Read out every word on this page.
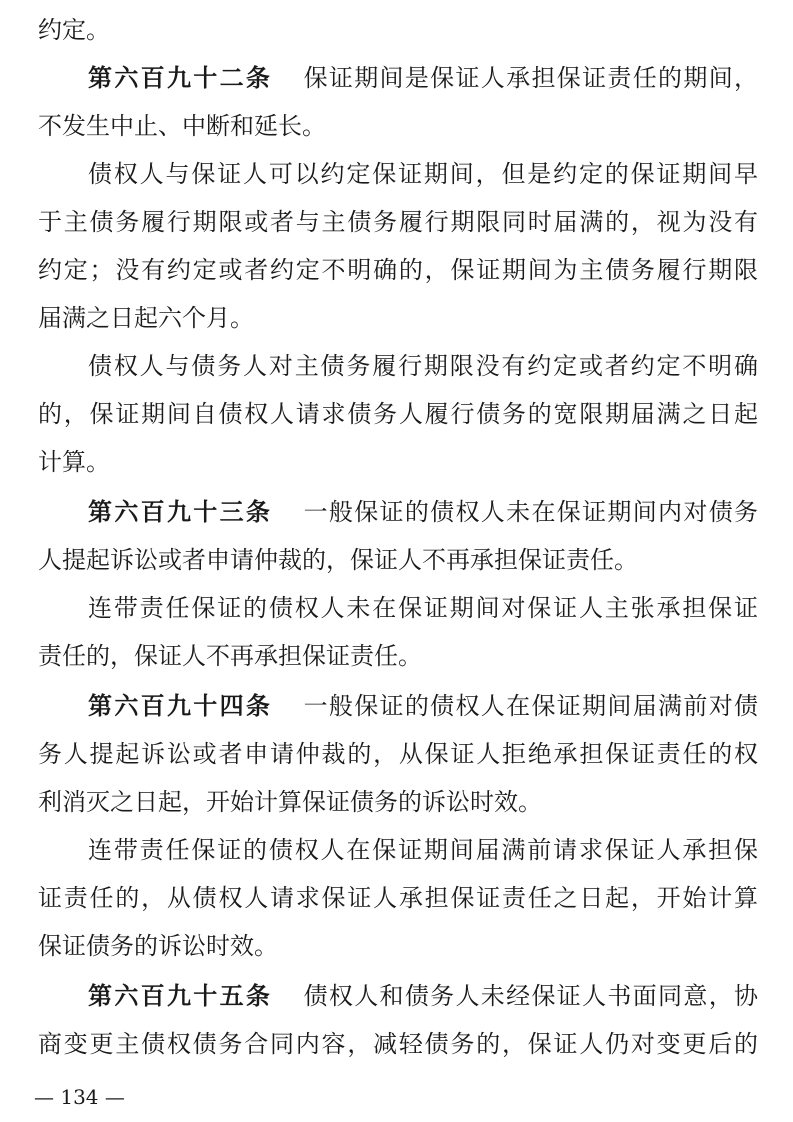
约定。
第六百九十二条 保证期间是保证人承担保证责任的期间，
不发生中止、中断和延长。
债权人与保证人可以约定保证期间，但是约定的保证期间早
于主债务履行期限或者与主债务履行期限同时届满的，视为没有
约定；没有约定或者约定不明确的，保证期间为主债务履行期限
届满之日起六个月。
债权人与债务人对主债务履行期限没有约定或者约定不明确
的，保证期间自债权人请求债务人履行债务的宽限期届满之日起
计算。
第六百九十三条 一般保证的债权人未在保证期间内对债务
人提起诉讼或者申请仲裁的，保证人不再承担保证责任。
连带责任保证的债权人未在保证期间对保证人主张承担保证
责任的，保证人不再承担保证责任。
第六百九十四条 一般保证的债权人在保证期间届满前对债
务人提起诉讼或者申请仲裁的，从保证人拒绝承担保证责任的权
利消灭之日起，开始计算保证债务的诉讼时效。
连带责任保证的债权人在保证期间届满前请求保证人承担保
证责任的，从债权人请求保证人承担保证责任之日起，开始计算
保证债务的诉讼时效。
第六百九十五条 债权人和债务人未经保证人书面同意，协
商变更主债权债务合同内容，减轻债务的，保证人仍对变更后的
— 134 —
